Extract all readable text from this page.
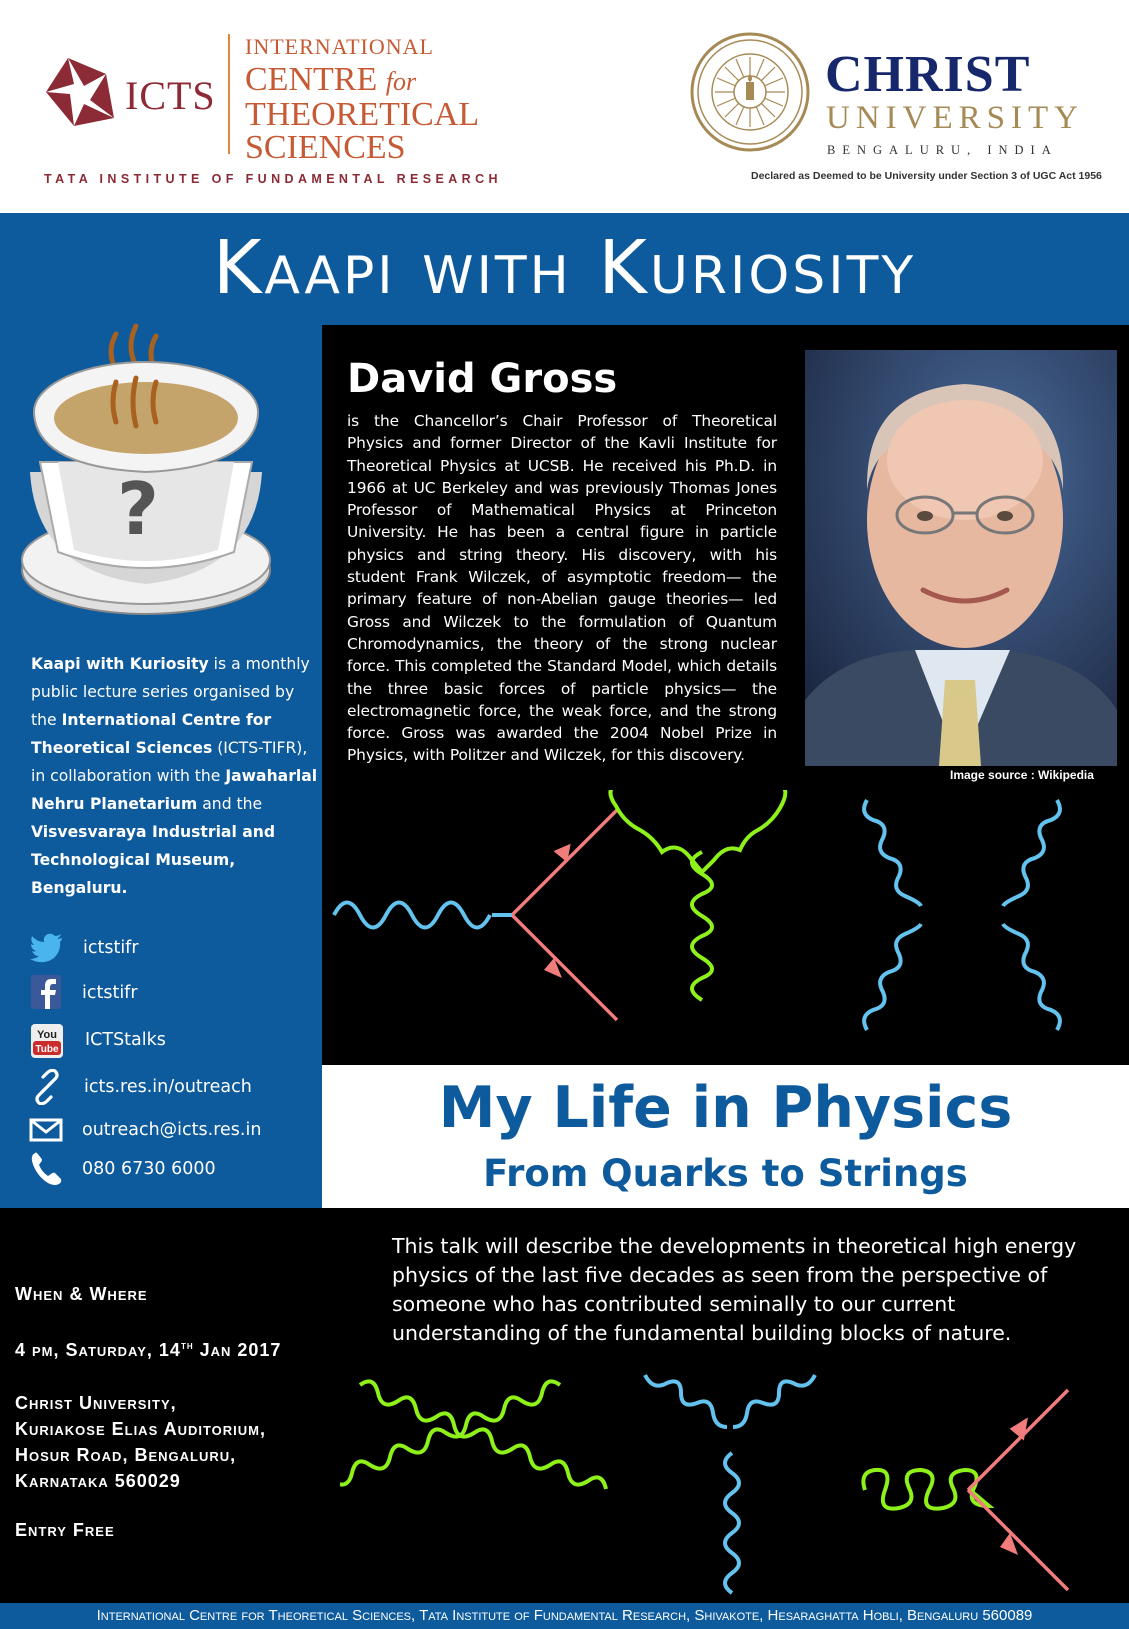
ICTS
INTERNATIONAL
CENTRE for
THEORETICAL
SCIENCES
TATA INSTITUTE OF FUNDAMENTAL RESEARCH
CHRIST
UNIVERSITY
BENGALURU, INDIA
Declared as Deemed to be University under Section 3 of UGC Act 1956
Kaapi with Kuriosity
?
Kaapi with Kuriosity is a monthly public lecture series organised by the International Centre for Theoretical Sciences (ICTS-TIFR), in collaboration with the Jawaharlal Nehru Planetarium and the Visvesvaraya Industrial and Technological Museum, Bengaluru.
ictstifr
ictstifr
You
Tube ICTStalks
icts.res.in/outreach
outreach@icts.res.in
080 6730 6000
David Gross
is the Chancellor’s Chair Professor of Theoretical Physics and former Director of the Kavli Institute for Theoretical Physics at UCSB. He received his Ph.D. in 1966 at UC Berkeley and was previously Thomas Jones Professor of Mathematical Physics at Princeton University. He has been a central figure in particle physics and string theory. His discovery, with his student Frank Wilczek, of asymptotic freedom— the primary feature of non-Abelian gauge theories— led Gross and Wilczek to the formulation of Quantum Chromodynamics, the theory of the strong nuclear force. This completed the Standard Model, which details the three basic forces of particle physics— the electromagnetic force, the weak force, and the strong force. Gross was awarded the 2004 Nobel Prize in Physics, with Politzer and Wilczek, for this discovery.
Image source : Wikipedia
My Life in Physics
From Quarks to Strings
This talk will describe the developments in theoretical high energy physics of the last five decades as seen from the perspective of someone who has contributed seminally to our current understanding of the fundamental building blocks of nature.
When & Where
4 pm, Saturday, 14th Jan 2017
Christ University,
Kuriakose Elias Auditorium,
Hosur Road, Bengaluru,
Karnataka 560029
Entry Free
International Centre for Theoretical Sciences, Tata Institute of Fundamental Research, Shivakote, Hesaraghatta Hobli, Bengaluru 560089
